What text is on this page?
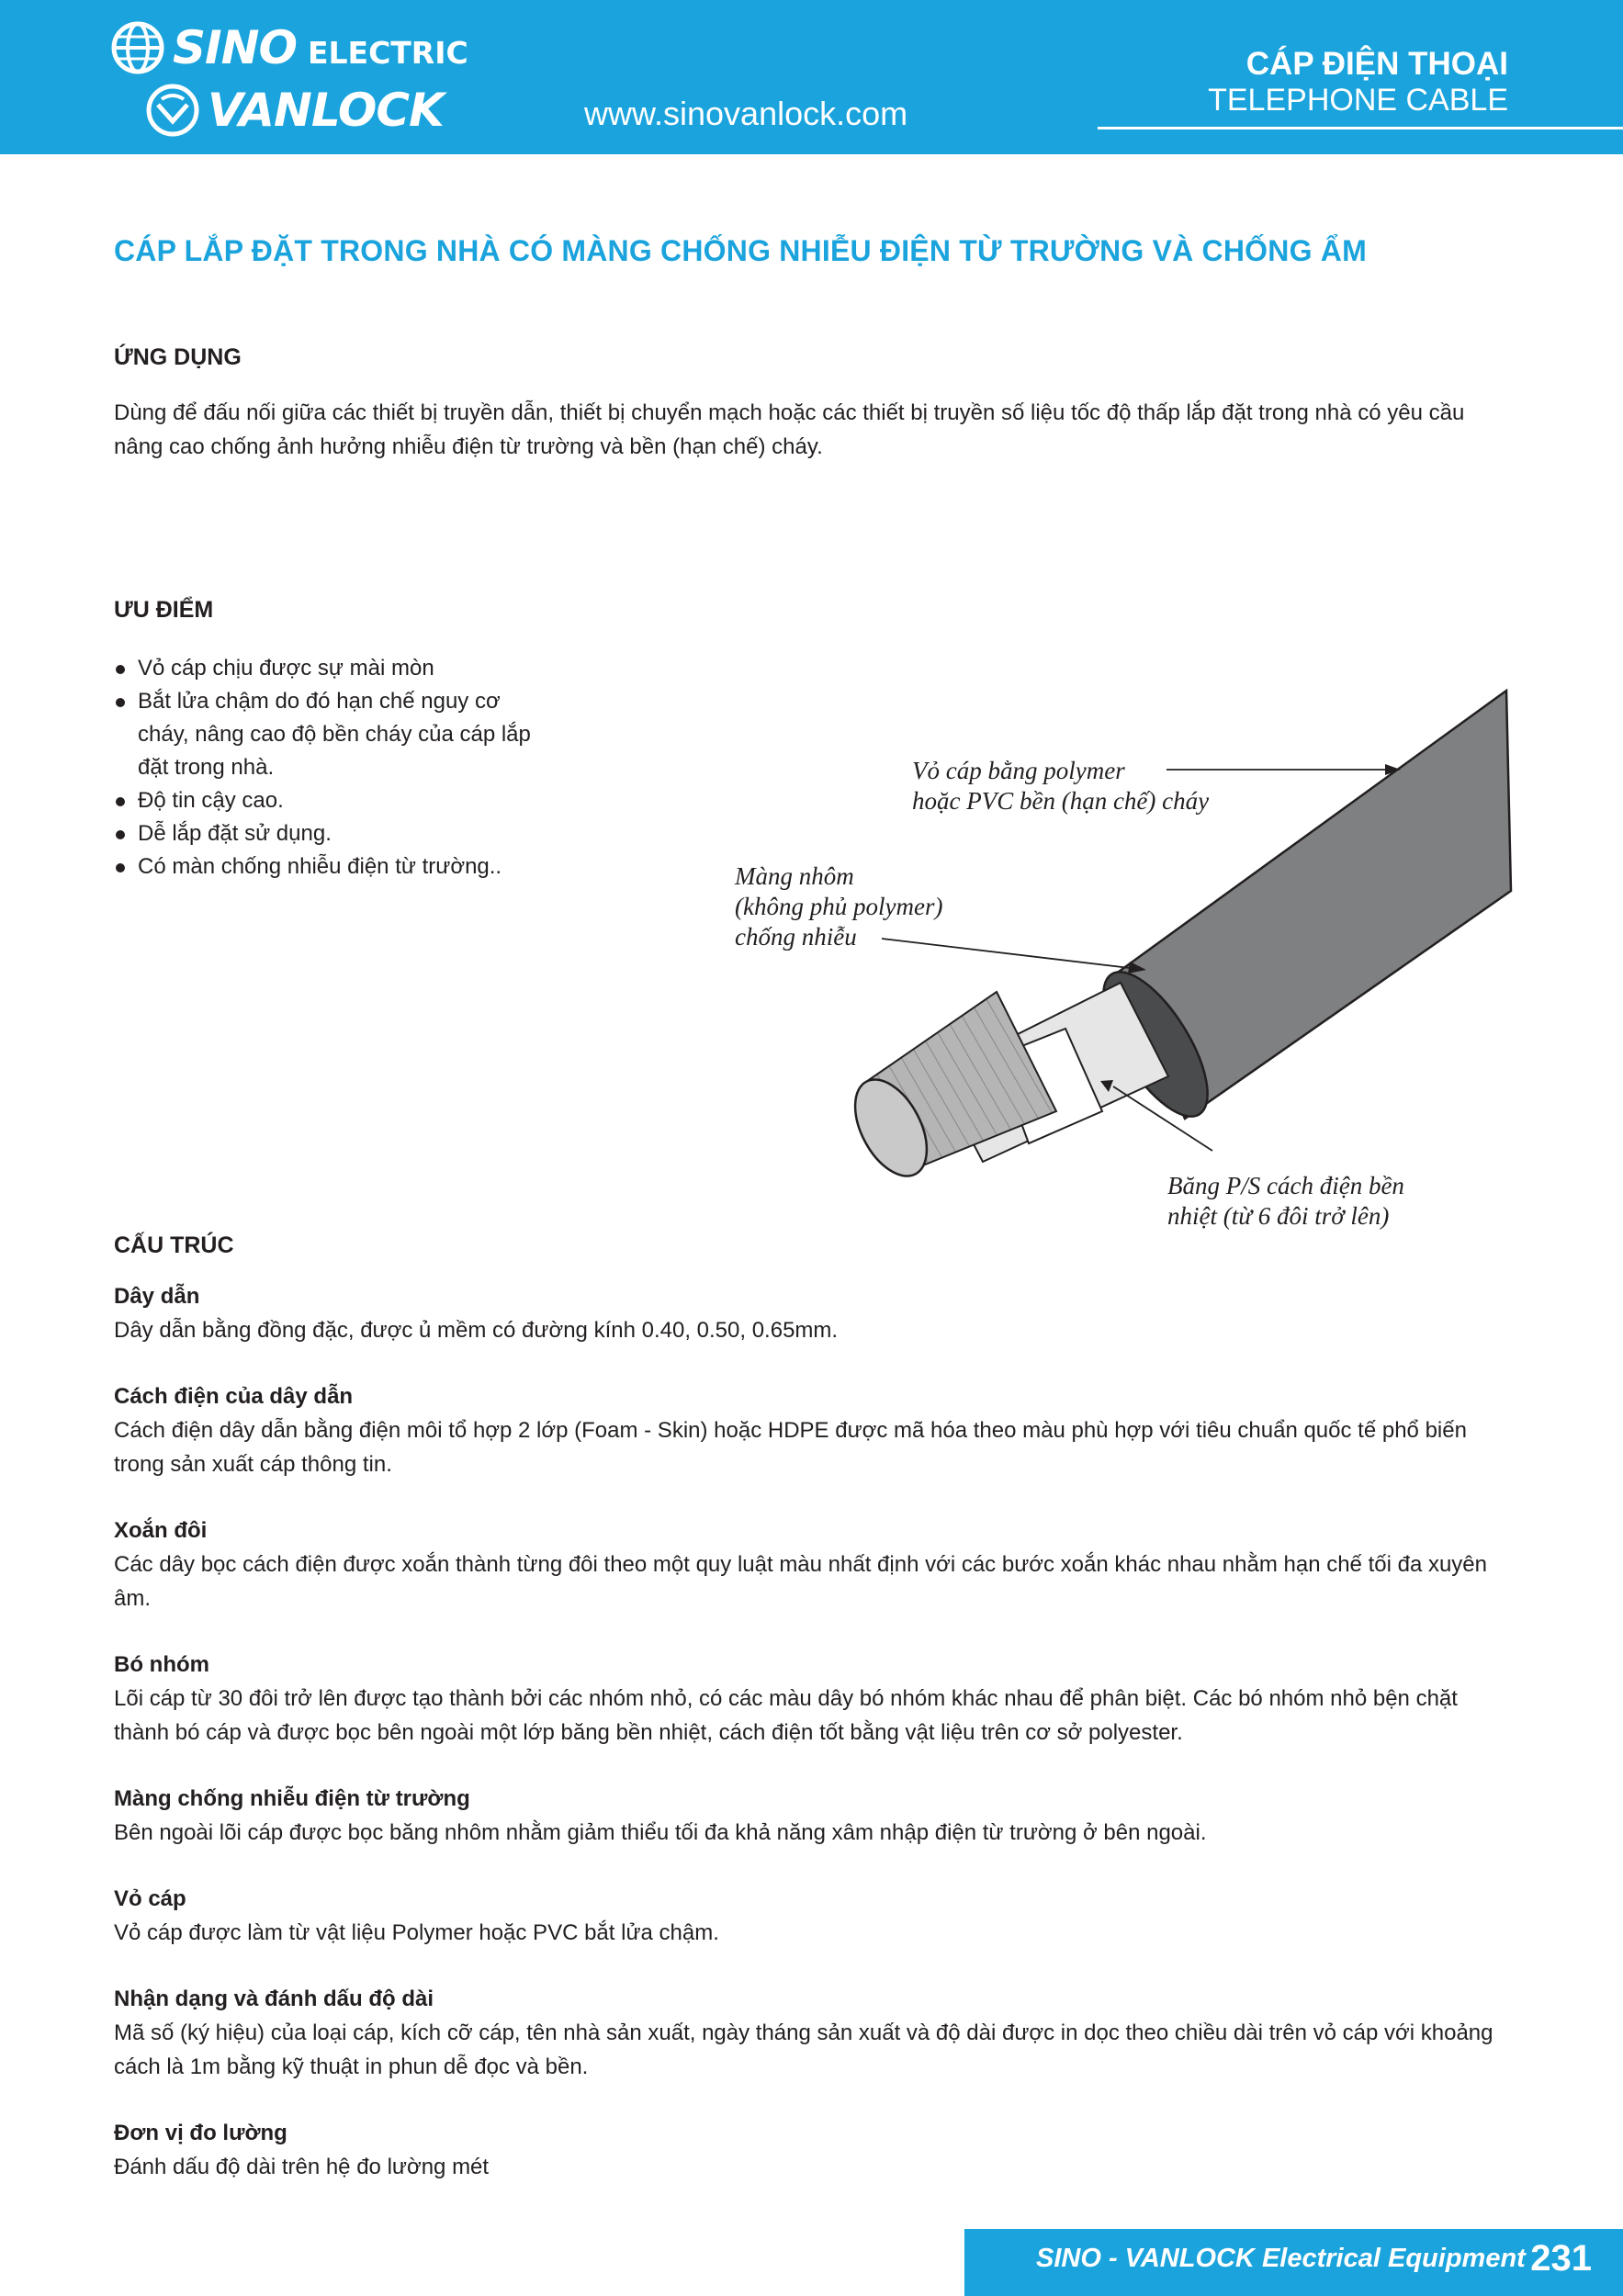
SINO ELECTRIC
VANLOCK	www.sinovanlock.com
CÁP ĐIỆN THOẠI
TELEPHONE CABLE
CÁP LẮP ĐẶT TRONG NHÀ CÓ MÀNG CHỐNG NHIỄU ĐIỆN TỪ TRƯỜNG VÀ CHỐNG ẨM
ỨNG DỤNG
Dùng để đấu nối giữa các thiết bị truyền dẫn, thiết bị chuyển mạch hoặc các thiết bị truyền số liệu tốc độ thấp lắp đặt trong nhà có yêu cầu nâng cao chống ảnh hưởng nhiễu điện từ trường và bền (hạn chế) cháy.
ƯU ĐIỂM
Vỏ cáp chịu được sự mài mòn
Bắt lửa chậm do đó hạn chế nguy cơ cháy, nâng cao độ bền cháy của cáp lắp đặt trong nhà.
Độ tin cậy cao.
Dễ lắp đặt sử dụng.
Có màn chống nhiễu điện từ trường..
Vỏ cáp bằng polymer
hoặc PVC bền (hạn chế) cháy
Màng nhôm
(không phủ polymer)
chống nhiễu
Băng P/S cách điện bền
nhiệt (từ 6 đôi trở lên)
CẤU TRÚC
Dây dẫn
Dây dẫn bằng đồng đặc, được ủ mềm có đường kính 0.40, 0.50, 0.65mm.
Cách điện của dây dẫn
Cách điện dây dẫn bằng điện môi tổ hợp 2 lớp (Foam - Skin) hoặc HDPE được mã hóa theo màu phù hợp với tiêu chuẩn quốc tế phổ biến trong sản xuất cáp thông tin.
Xoắn đôi
Các dây bọc cách điện được xoắn thành từng đôi theo một quy luật màu nhất định với các bước xoắn khác nhau nhằm hạn chế tối đa xuyên âm.
Bó nhóm
Lõi cáp từ 30 đôi trở lên được tạo thành bởi các nhóm nhỏ, có các màu dây bó nhóm khác nhau để phân biệt. Các bó nhóm nhỏ bện chặt thành bó cáp và được bọc bên ngoài một lớp băng bền nhiệt, cách điện tốt bằng vật liệu trên cơ sở polyester.
Màng chống nhiễu điện từ trường
Bên ngoài lõi cáp được bọc băng nhôm nhằm giảm thiểu tối đa khả năng xâm nhập điện từ trường ở bên ngoài.
Vỏ cáp
Vỏ cáp được làm từ vật liệu Polymer hoặc PVC bắt lửa chậm.
Nhận dạng và đánh dấu độ dài
Mã số (ký hiệu) của loại cáp, kích cỡ cáp, tên nhà sản xuất, ngày tháng sản xuất và độ dài được in dọc theo chiều dài trên vỏ cáp với khoảng cách là 1m bằng kỹ thuật in phun dễ đọc và bền.
Đơn vị đo lường
Đánh dấu độ dài trên hệ đo lường mét
SINO - VANLOCK Electrical Equipment 231
